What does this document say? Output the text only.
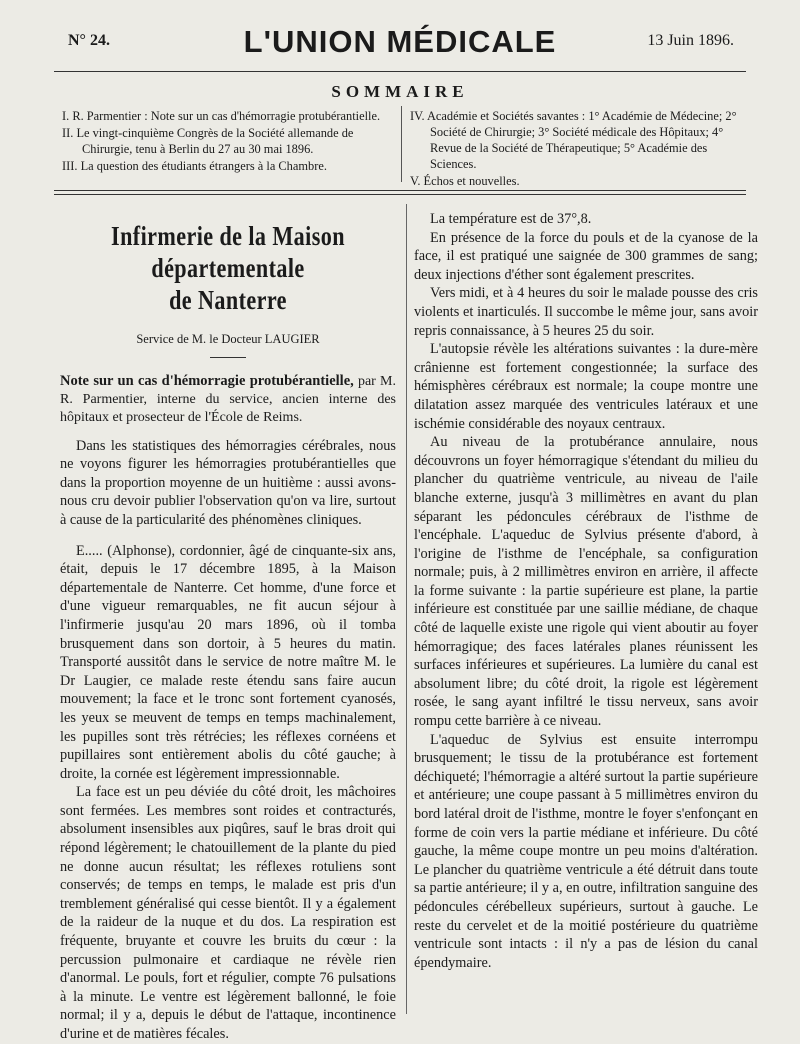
N° 24.	L'UNION MÉDICALE	13 Juin 1896.
SOMMAIRE
I. R. Parmentier : Note sur un cas d'hémorragie protubérantielle.
II. Le vingt-cinquième Congrès de la Société allemande de Chirurgie, tenu à Berlin du 27 au 30 mai 1896.
III. La question des étudiants étrangers à la Chambre.
IV. Académie et Sociétés savantes : 1° Académie de Médecine; 2° Société de Chirurgie; 3° Société médicale des Hôpitaux; 4° Revue de la Société de Thérapeutique; 5° Académie des Sciences.
V. Échos et nouvelles.
Infirmerie de la Maison départementale
de Nanterre
Service de M. le Docteur LAUGIER
Note sur un cas d'hémorragie protubérantielle, par M. R. Parmentier, interne du service, ancien interne des hôpitaux et prosecteur de l'École de Reims.

Dans les statistiques des hémorragies cérébrales, nous ne voyons figurer les hémorragies protubérantielles que dans la proportion moyenne de un huitième : aussi avons-nous cru devoir publier l'observation qu'on va lire, surtout à cause de la particularité des phénomènes cliniques.

E..... (Alphonse), cordonnier, âgé de cinquante-six ans, était, depuis le 17 décembre 1895, à la Maison départementale de Nanterre. Cet homme, d'une force et d'une vigueur remarquables, ne fit aucun séjour à l'infirmerie jusqu'au 20 mars 1896, où il tomba brusquement dans son dortoir, à 5 heures du matin. Transporté aussitôt dans le service de notre maître M. le Dr Laugier, ce malade reste étendu sans faire aucun mouvement; la face et le tronc sont fortement cyanosés, les yeux se meuvent de temps en temps machinalement, les pupilles sont très rétrécies; les réflexes cornéens et pupillaires sont entièrement abolis du côté gauche; à droite, la cornée est légèrement impressionnable.

La face est un peu déviée du côté droit, les mâchoires sont fermées. Les membres sont roides et contracturés, absolument insensibles aux piqûres, sauf le bras droit qui répond légèrement; le chatouillement de la plante du pied ne donne aucun résultat; les réflexes rotuliens sont conservés; de temps en temps, le malade est pris d'un tremblement généralisé qui cesse bientôt. Il y a également de la raideur de la nuque et du dos. La respiration est fréquente, bruyante et couvre les bruits du cœur : la percussion pulmonaire et cardiaque ne révèle rien d'anormal. Le pouls, fort et régulier, compte 76 pulsations à la minute. Le ventre est légèrement ballonné, le foie normal; il y a, depuis le début de l'attaque, incontinence d'urine et de matières fécales.

La température est de 37°,8.

En présence de la force du pouls et de la cyanose de la face, il est pratiqué une saignée de 300 grammes de sang; deux injections d'éther sont également prescrites.

Vers midi, et à 4 heures du soir le malade pousse des cris violents et inarticulés. Il succombe le même jour, sans avoir repris connaissance, à 5 heures 25 du soir.

L'autopsie révèle les altérations suivantes : la dure-mère crânienne est fortement congestionnée; la surface des hémisphères cérébraux est normale; la coupe montre une dilatation assez marquée des ventricules latéraux et une ischémie considérable des noyaux centraux.

Au niveau de la protubérance annulaire, nous découvrons un foyer hémorragique s'étendant du milieu du plancher du quatrième ventricule, au niveau de l'aile blanche externe, jusqu'à 3 millimètres en avant du plan séparant les pédoncules cérébraux de l'isthme de l'encéphale. L'aqueduc de Sylvius présente d'abord, à l'origine de l'isthme de l'encéphale, sa configuration normale; puis, à 2 millimètres environ en arrière, il affecte la forme suivante : la partie supérieure est plane, la partie inférieure est constituée par une saillie médiane, de chaque côté de laquelle existe une rigole qui vient aboutir au foyer hémorragique; des faces latérales planes réunissent les surfaces inférieures et supérieures. La lumière du canal est absolument libre; du côté droit, la rigole est légèrement rosée, le sang ayant infiltré le tissu nerveux, sans avoir rompu cette barrière à ce niveau.

L'aqueduc de Sylvius est ensuite interrompu brusquement; le tissu de la protubérance est fortement déchiqueté; l'hémorragie a altéré surtout la partie supérieure et antérieure; une coupe passant à 5 millimètres environ du bord latéral droit de l'isthme, montre le foyer s'enfonçant en forme de coin vers la partie médiane et inférieure. Du côté gauche, la même coupe montre un peu moins d'altération. Le plancher du quatrième ventricule a été détruit dans toute sa partie antérieure; il y a, en outre, infiltration sanguine des pédoncules cérébelleux supérieurs, surtout à gauche. Le reste du cervelet et de la moitié postérieure du quatrième ventricule sont intacts : il n'y a pas de lésion du canal épendymaire.
